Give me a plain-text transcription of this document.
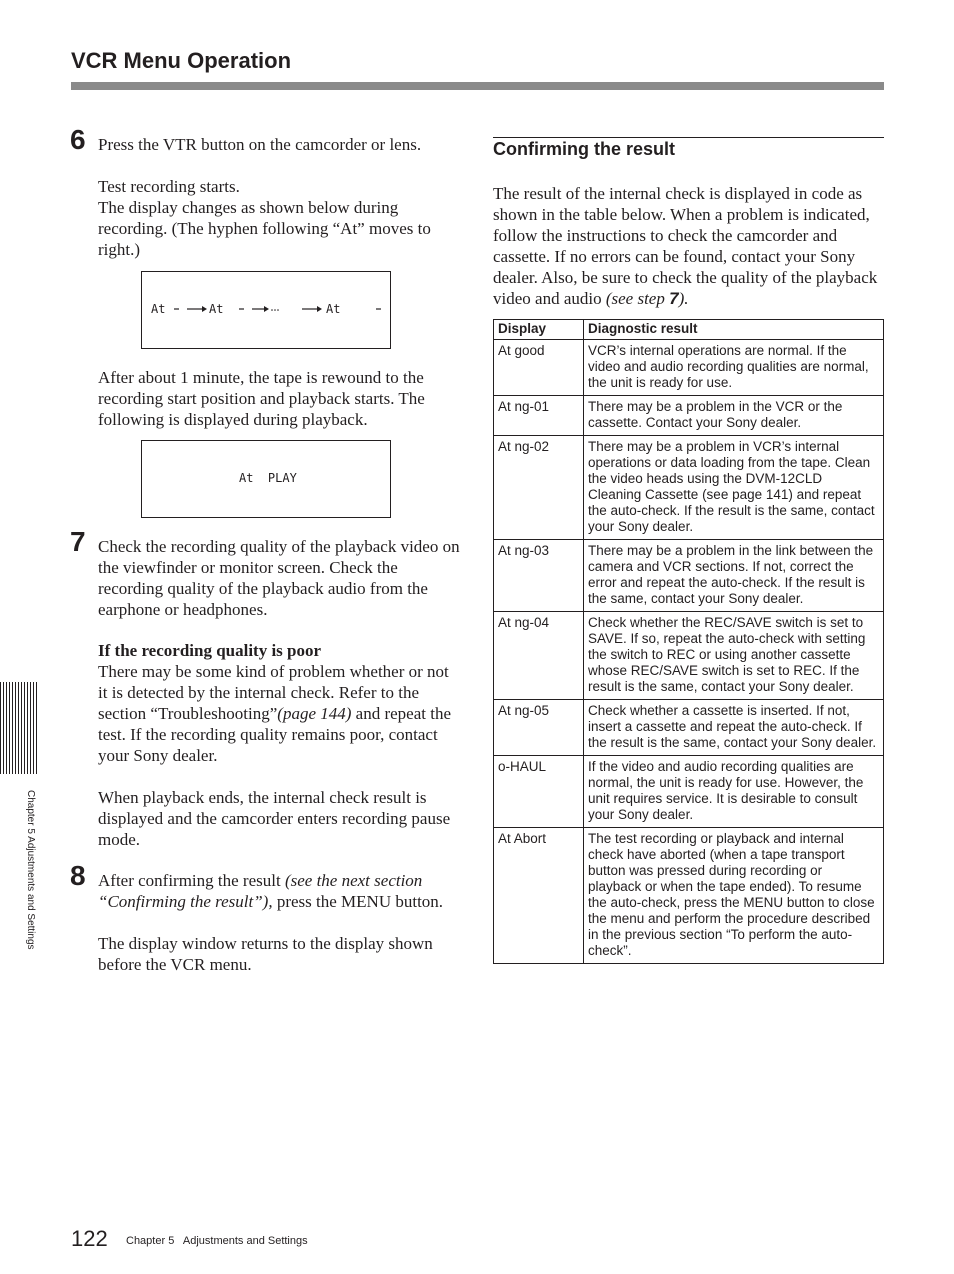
VCR Menu Operation
6 Press the VTR button on the camcorder or lens.
Test recording starts.
The display changes as shown below during recording. (The hyphen following “At” moves to right.)
At	At	At
After about 1 minute, the tape is rewound to the recording start position and playback starts. The following is displayed during playback.
At  PLAY
7 Check the recording quality of the playback video on the viewfinder or monitor screen. Check the recording quality of the playback audio from the earphone or headphones.
If the recording quality is poor
There may be some kind of problem whether or not it is detected by the internal check. Refer to the section “Troubleshooting”(page 144) and repeat the test. If the recording quality remains poor, contact your Sony dealer.
When playback ends, the internal check result is displayed and the camcorder enters recording pause mode.
8 After confirming the result (see the next section “Confirming the result”), press the MENU button.
The display window returns to the display shown before the VCR menu.
Confirming the result
The result of the internal check is displayed in code as shown in the table below. When a problem is indicated, follow the instructions to check the camcorder and cassette. If no errors can be found, contact your Sony dealer. Also, be sure to check the quality of the playback video and audio (see step 7).
Display	Diagnostic result
At good	VCR’s internal operations are normal. If the video and audio recording qualities are normal, the unit is ready for use.
At ng-01	There may be a problem in the VCR or the cassette. Contact your Sony dealer.
At ng-02	There may be a problem in VCR’s internal operations or data loading from the tape. Clean the video heads using the DVM-12CLD Cleaning Cassette (see page 141) and repeat the auto-check. If the result is the same, contact your Sony dealer.
At ng-03	There may be a problem in the link between the camera and VCR sections. If not, correct the error and repeat the auto-check. If the result is the same, contact your Sony dealer.
At ng-04	Check whether the REC/SAVE switch is set to SAVE. If so, repeat the auto-check with setting the switch to REC or using another cassette whose REC/SAVE switch is set to REC. If the result is the same, contact your Sony dealer.
At ng-05	Check whether a cassette is inserted. If not, insert a cassette and repeat the auto-check. If the result is the same, contact your Sony dealer.
o-HAUL	If the video and audio recording qualities are normal, the unit is ready for use. However, the unit requires service. It is desirable to consult your Sony dealer.
At Abort	The test recording or playback and internal check have aborted (when a tape transport button was pressed during recording or playback or when the tape ended). To resume the auto-check, press the MENU button to close the menu and perform the procedure described in the previous section “To perform the auto-check”.
Chapter 5 Adjustments and Settings
122 Chapter 5   Adjustments and Settings
